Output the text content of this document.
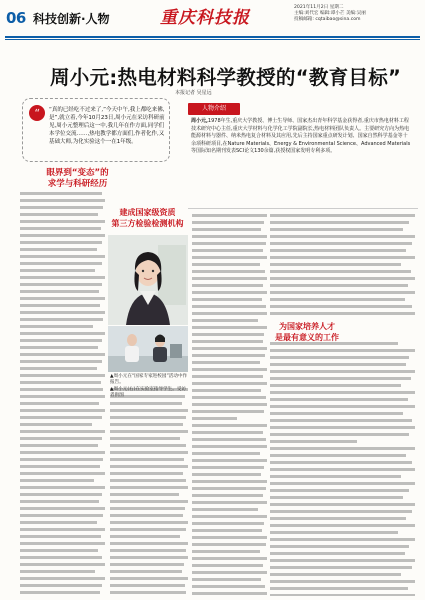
06 科技创新·人物	重庆科技报
2021年11月2日 星期二
主编:刘代宏 编辑:谭小芒 美编:吴丽
投稿邮箱: cqtaibao@sina.com
周小元:热电材料科学教授的“教育目标”
本报记者 吴星远
“ “真的已经吃不过来了,”今天中午,我上都吃来佛,是”,就立着,今年10月23日,周小元在采访科研前见,周小元整理后这一中,我几年在作方面,同学们本学位交流……,热电教学都方面们,作者化作,又基础大师,为化实验这个一在1年级。

眼界到“变态”的
求学与科研经历
人物介绍
周小元,1978年生,重庆大学教授、博士生导师、国家杰出青年科学基金获得者,重庆市热电材料工程技术研究中心主任,重庆大学材料与化学化工学院副院长,热电材料团队负责人。主要研究方向为热电能源材料与器件、纳米热电复合材料及其应用,先后主持国家重点研发计划、国家自然科学基金等十余项科研项目,在Nature Materials、Energy & Environmental Science、Advanced Materials等国际知名期刊发表SCI论文130余篇,获授权国家发明专利多项。
建成国家级资质
第三方检验检测机构
为国家培养人才
是最有意义的工作
▲周小元在“国家专家进校园”活动中作报告。
▲周小元(右)在实验室指导学生。受访者供图
